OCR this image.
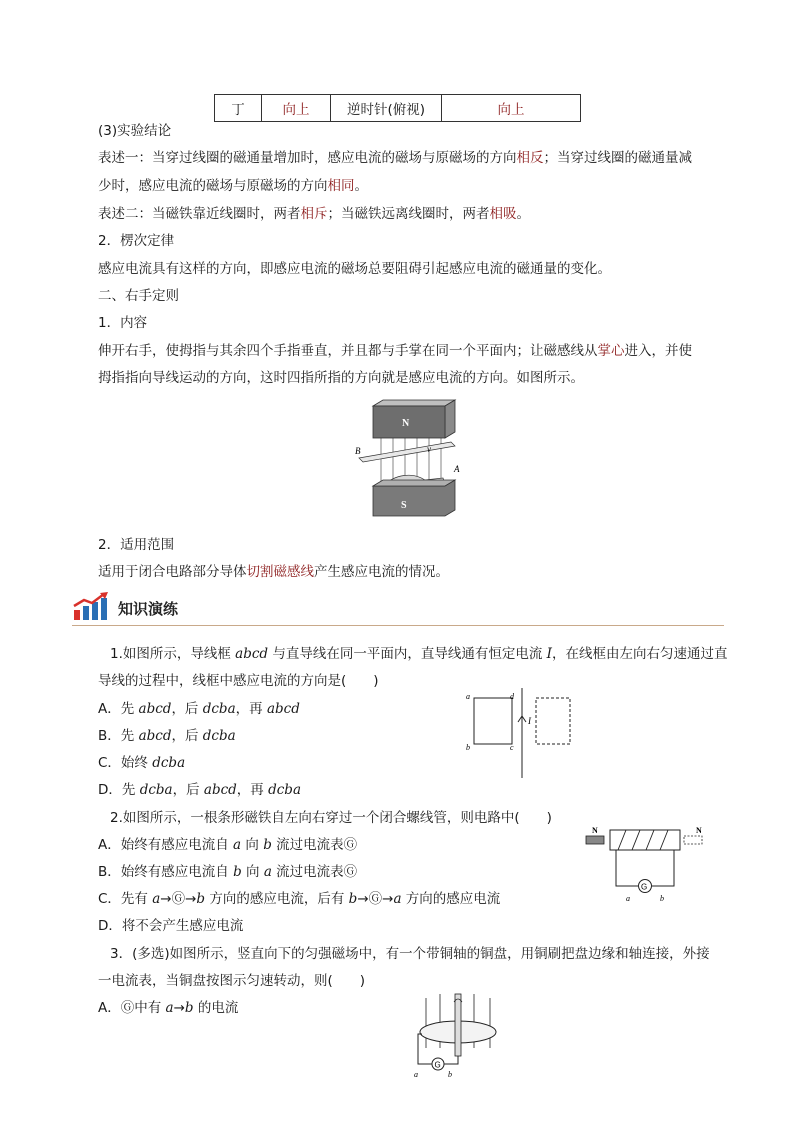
丁	向上	逆时针(俯视)	向上
(3)实验结论
表述一：当穿过线圈的磁通量增加时，感应电流的磁场与原磁场的方向相反；当穿过线圈的磁通量减
少时，感应电流的磁场与原磁场的方向相同。
表述二：当磁铁靠近线圈时，两者相斥；当磁铁远离线圈时，两者相吸。
2．楞次定律
感应电流具有这样的方向，即感应电流的磁场总要阻碍引起感应电流的磁通量的变化。
二、右手定则
1．内容
伸开右手，使拇指与其余四个手指垂直，并且都与手掌在同一个平面内；让磁感线从掌心进入，并使
拇指指向导线运动的方向，这时四指所指的方向就是感应电流的方向。如图所示。
N
B	v
A
S
2．适用范围
适用于闭合电路部分导体切割磁感线产生感应电流的情况。
知识演练
1.如图所示，导线框 abcd 与直导线在同一平面内，直导线通有恒定电流 I，在线框由左向右匀速通过直
导线的过程中，线框中感应电流的方向是(　　)
A．先 abcd，后 dcba，再 abcd
B．先 abcd，后 dcba
C．始终 dcba
D．先 dcba，后 abcd，再 dcba
a
b	c
d
I
2.如图所示，一根条形磁铁自左向右穿过一个闭合螺线管，则电路中(　　)
A．始终有感应电流自 a 向 b 流过电流表Ⓖ
B．始终有感应电流自 b 向 a 流过电流表Ⓖ
C．先有 a→Ⓖ→b 方向的感应电流，后有 b→Ⓖ→a 方向的感应电流
D．将不会产生感应电流
N	N
G
a	b
3．(多选)如图所示，竖直向下的匀强磁场中，有一个带铜轴的铜盘，用铜刷把盘边缘和轴连接，外接
一电流表，当铜盘按图示匀速转动，则(　　)
A．Ⓖ中有 a→b 的电流
G
a	b
